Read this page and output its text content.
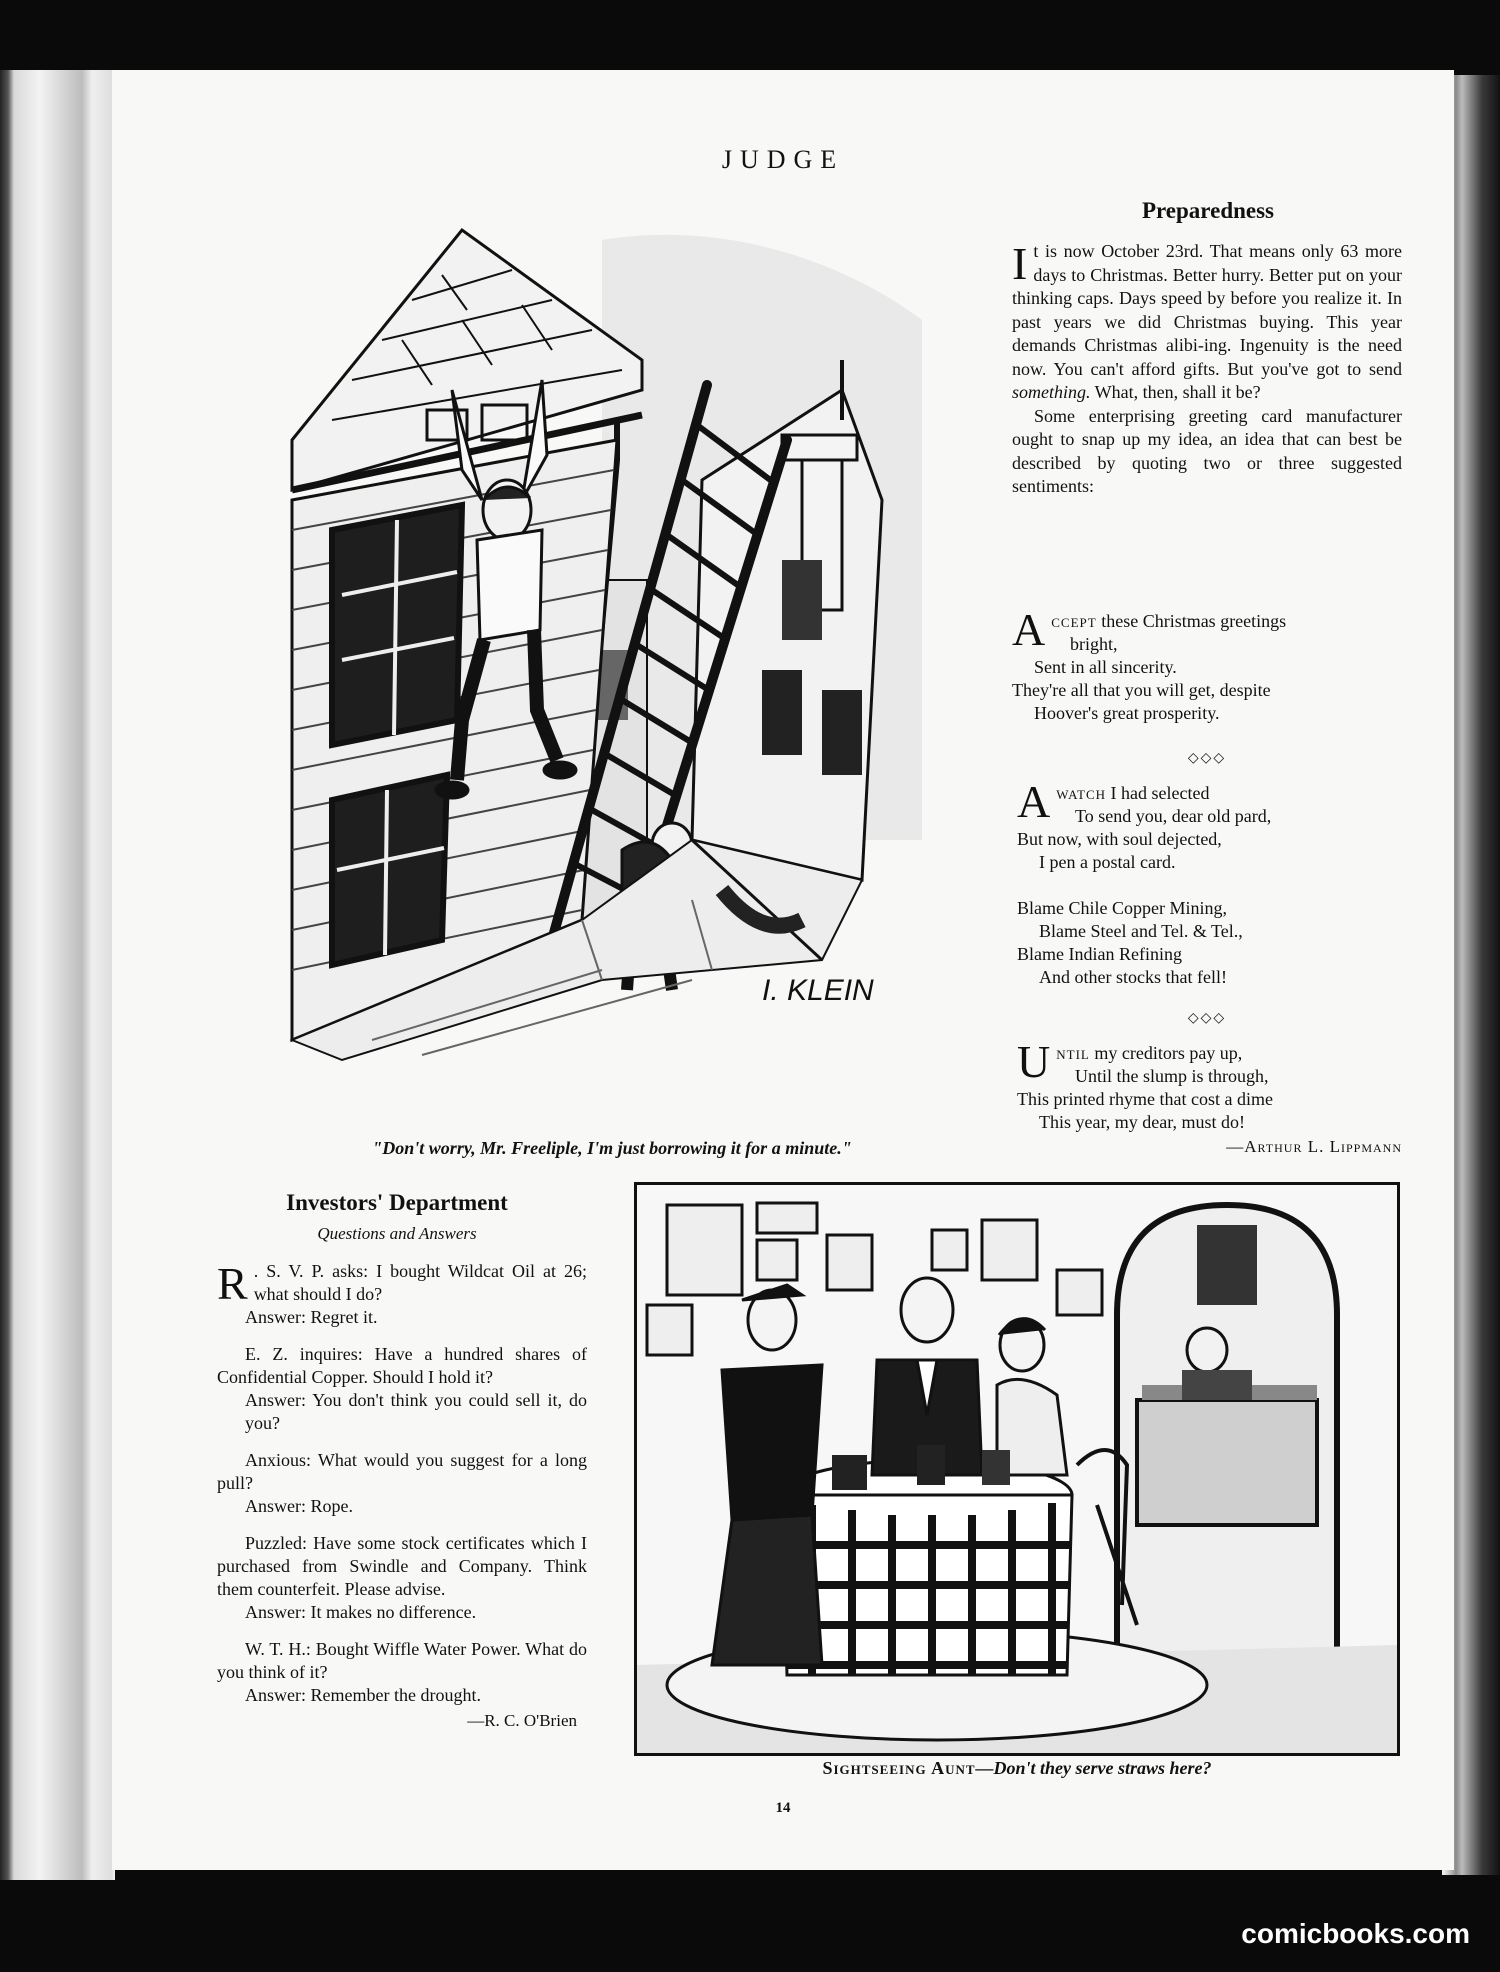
JUDGE
I. KLEIN
"Don't worry, Mr. Freeliple, I'm just borrowing it for a minute."
Preparedness

It is now October 23rd. That means only 63 more days to Christmas. Better hurry. Better put on your thinking caps. Days speed by before you realize it. In past years we did Christmas buying. This year demands Christmas alibi-ing. Ingenuity is the need now. You can't afford gifts. But you've got to send something. What, then, shall it be?

Some enterprising greeting card manufacturer ought to snap up my idea, an idea that can best be described by quoting two or three suggested sentiments:

Accept these Christmas greetings
bright,
Sent in all sincerity.
They're all that you will get, despite
Hoover's great prosperity.
◇◇◇
Awatch I had selected
To send you, dear old pard,
But now, with soul dejected,
I pen a postal card.
Blame Chile Copper Mining,
Blame Steel and Tel. & Tel.,
Blame Indian Refining
And other stocks that fell!
◇◇◇
Until my creditors pay up,
Until the slump is through,
This printed rhyme that cost a dime
This year, my dear, must do!
—Arthur L. Lippmann
Investors' Department
Questions and Answers

R . S. V. P. asks: I bought Wildcat Oil at 26; what should I do?
Answer: Regret it.

E. Z. inquires: Have a hundred shares of Confidential Copper. Should I hold it?
Answer: You don't think you could sell it, do you?

Anxious: What would you suggest for a long pull?
Answer: Rope.

Puzzled: Have some stock certificates which I purchased from Swindle and Company. Think them counterfeit. Please advise.
Answer: It makes no difference.

W. T. H.: Bought Wiffle Water Power. What do you think of it?
Answer: Remember the drought.

—R. C. O'Brien
Sightseeing Aunt—Don't they serve straws here?
14
comicbooks.com
